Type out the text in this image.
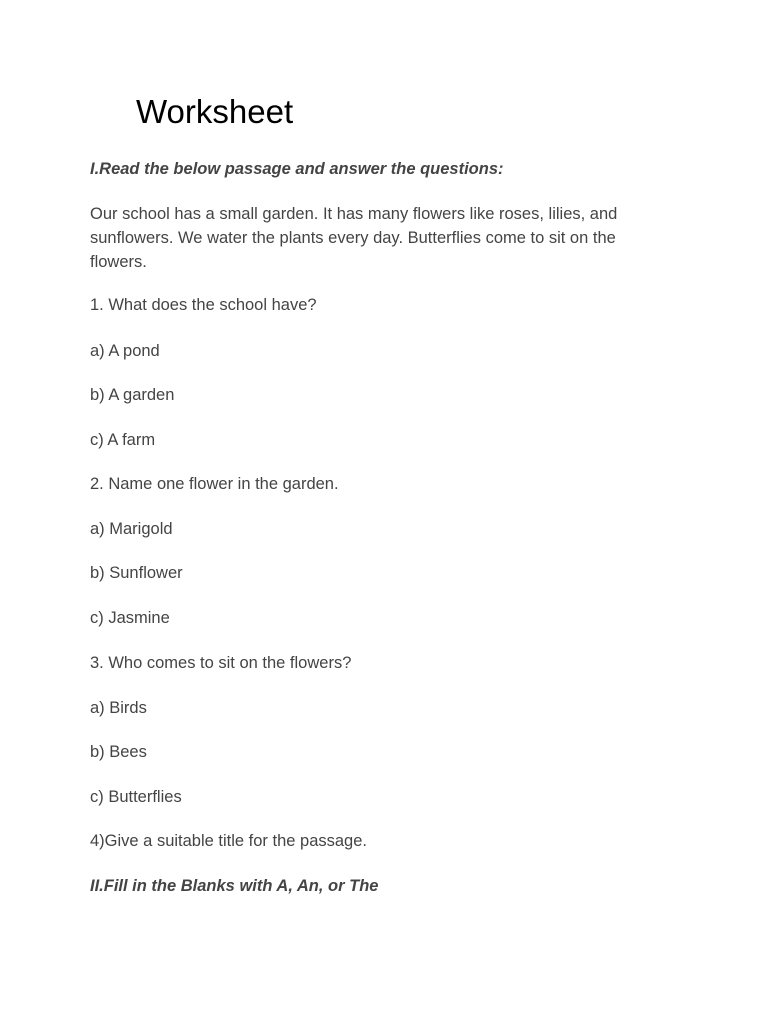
Worksheet

I.Read the below passage and answer the questions:

Our school has a small garden. It has many flowers like roses, lilies, and sunflowers. We water the plants every day. Butterflies come to sit on the flowers.

1. What does the school have?

a) A pond

b) A garden

c) A farm

2. Name one flower in the garden.

a) Marigold

b) Sunflower

c) Jasmine

3. Who comes to sit on the flowers?

a) Birds

b) Bees

c) Butterflies

4)Give a suitable title for the passage.

II.Fill in the Blanks with A, An, or The
